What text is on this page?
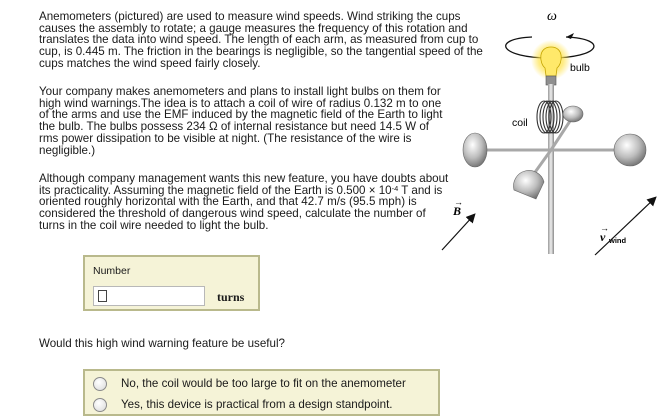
Anemometers (pictured) are used to measure wind speeds. Wind striking the cups causes the assembly to rotate; a gauge measures the frequency of this rotation and translates the data into wind speed. The length of each arm, as measured from cup to cup, is 0.445 m. The friction in the bearings is negligible, so the tangential speed of the cups matches the wind speed fairly closely.

Your company makes anemometers and plans to install light bulbs on them for high wind warnings.The idea is to attach a coil of wire of radius 0.132 m to one of the arms and use the EMF induced by the magnetic field of the Earth to light the bulb. The bulbs possess 234 Ω of internal resistance but need 14.5 W of rms power dissipation to be visible at night. (The resistance of the wire is negligible.)

Although company management wants this new feature, you have doubts about its practicality. Assuming the magnetic field of the Earth is $0.500 \times 10^{-4}$ T and is oriented roughly horizontal with the Earth, and that 42.7 m/s (95.5 mph) is considered the threshold of dangerous wind speed, calculate the number of turns in the coil wire needed to light the bulb.

Number
turns

Would this high wind warning feature be useful?

No, the coil would be too large to fit on the anemometer
Yes, this device is practical from a design standpoint.
ω
bulb
coil
B
→
v wind
→
